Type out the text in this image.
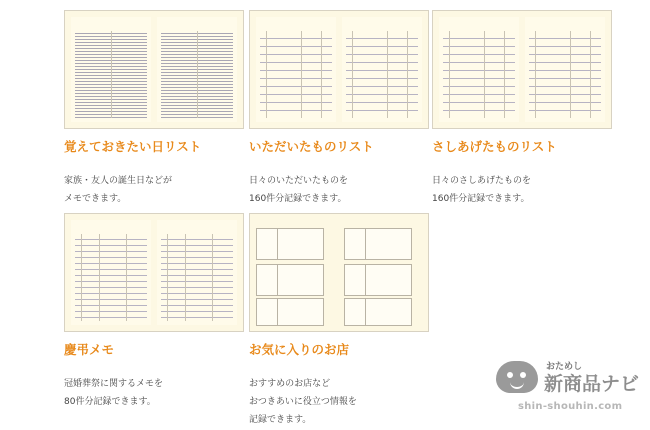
覚えておきたい日リスト
家族・友人の誕生日などが
メモできます。
いただいたものリスト
日々のいただいたものを
160件分記録できます。
さしあげたものリスト
日々のさしあげたものを
160件分記録できます。
慶弔メモ
冠婚葬祭に関するメモを
80件分記録できます。
お気に入りのお店
おすすめのお店など
おつきあいに役立つ情報を
記録できます。
おためし
新商品ナビ
shin-shouhin.com
